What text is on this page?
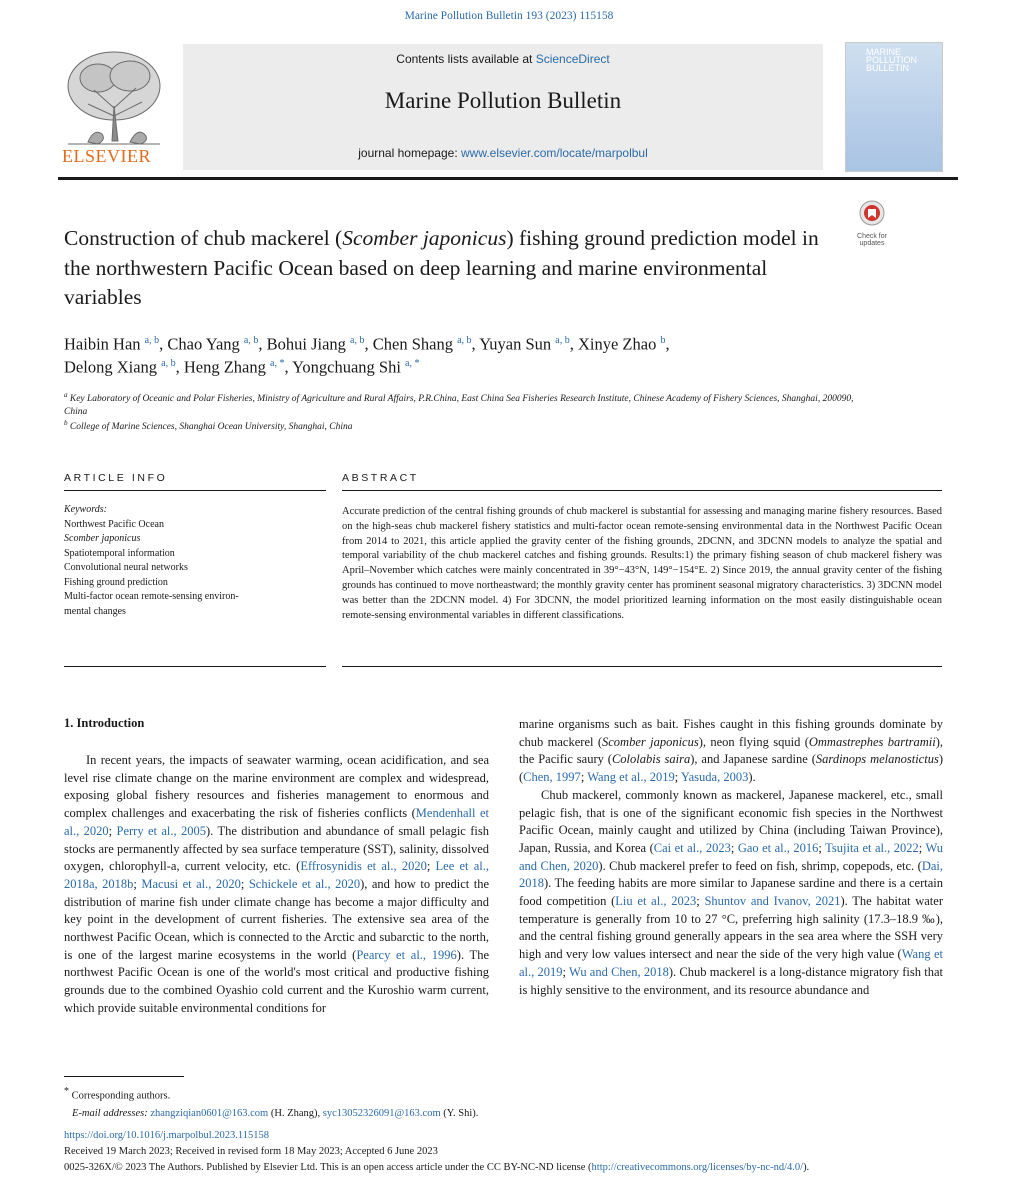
Marine Pollution Bulletin 193 (2023) 115158
Contents lists available at ScienceDirect
Marine Pollution Bulletin
journal homepage: www.elsevier.com/locate/marpolbul
ELSEVIER
MARINE POLLUTION BULLETIN
Check for updates
Construction of chub mackerel (Scomber japonicus) fishing ground prediction model in the northwestern Pacific Ocean based on deep learning and marine environmental variables
Haibin Han $^{a, b}$, Chao Yang $^{a, b}$, Bohui Jiang $^{a, b}$, Chen Shang $^{a, b}$, Yuyan Sun $^{a, b}$, Xinye Zhao $^b$,
Delong Xiang $^{a, b}$, Heng Zhang $^{a, *}$, Yongchuang Shi $^{a, *}$
$^a$ Key Laboratory of Oceanic and Polar Fisheries, Ministry of Agriculture and Rural Affairs, P.R.China, East China Sea Fisheries Research Institute, Chinese Academy of Fishery Sciences, Shanghai, 200090, China
$^b$ College of Marine Sciences, Shanghai Ocean University, Shanghai, China
ARTICLE INFO	ABSTRACT
Keywords:
Northwest Pacific Ocean
Scomber japonicus
Spatiotemporal information
Convolutional neural networks
Fishing ground prediction
Multi-factor ocean remote-sensing environ-
mental changes
Accurate prediction of the central fishing grounds of chub mackerel is substantial for assessing and managing marine fishery resources. Based on the high-seas chub mackerel fishery statistics and multi-factor ocean remote-sensing environmental data in the Northwest Pacific Ocean from 2014 to 2021, this article applied the gravity center of the fishing grounds, 2DCNN, and 3DCNN models to analyze the spatial and temporal variability of the chub mackerel catches and fishing grounds. Results:1) the primary fishing season of chub mackerel fishery was April–November which catches were mainly concentrated in 39°−43°N, 149°−154°E. 2) Since 2019, the annual gravity center of the fishing grounds has continued to move northeastward; the monthly gravity center has prominent seasonal migratory characteristics. 3) 3DCNN model was better than the 2DCNN model. 4) For 3DCNN, the model prioritized learning information on the most easily distinguishable ocean remote-sensing environmental variables in different classifications.
1. Introduction

In recent years, the impacts of seawater warming, ocean acidification, and sea level rise climate change on the marine environment are complex and widespread, exposing global fishery resources and fisheries management to enormous and complex challenges and exacerbating the risk of fisheries conflicts (Mendenhall et al., 2020; Perry et al., 2005). The distribution and abundance of small pelagic fish stocks are permanently affected by sea surface temperature (SST), salinity, dissolved oxygen, chlorophyll-a, current velocity, etc. (Effrosynidis et al., 2020; Lee et al., 2018a, 2018b; Macusi et al., 2020; Schickele et al., 2020), and how to predict the distribution of marine fish under climate change has become a major difficulty and key point in the development of current fisheries. The extensive sea area of the northwest Pacific Ocean, which is connected to the Arctic and subarctic to the north, is one of the largest marine ecosystems in the world (Pearcy et al., 1996). The northwest Pacific Ocean is one of the world's most critical and productive fishing grounds due to the combined Oyashio cold current and the Kuroshio warm current, which provide suitable environmental conditions for

marine organisms such as bait. Fishes caught in this fishing grounds dominate by chub mackerel (Scomber japonicus), neon flying squid (Ommastrephes bartramii), the Pacific saury (Cololabis saira), and Japanese sardine (Sardinops melanostictus) (Chen, 1997; Wang et al., 2019; Yasuda, 2003).

Chub mackerel, commonly known as mackerel, Japanese mackerel, etc., small pelagic fish, that is one of the significant economic fish species in the Northwest Pacific Ocean, mainly caught and utilized by China (including Taiwan Province), Japan, Russia, and Korea (Cai et al., 2023; Gao et al., 2016; Tsujita et al., 2022; Wu and Chen, 2020). Chub mackerel prefer to feed on fish, shrimp, copepods, etc. (Dai, 2018). The feeding habits are more similar to Japanese sardine and there is a certain food competition (Liu et al., 2023; Shuntov and Ivanov, 2021). The habitat water temperature is generally from 10 to 27 °C, preferring high salinity (17.3–18.9 ‰), and the central fishing ground generally appears in the sea area where the SSH very high and very low values intersect and near the side of the very high value (Wang et al., 2019; Wu and Chen, 2018). Chub mackerel is a long-distance migratory fish that is highly sensitive to the environment, and its resource abundance and

* Corresponding authors.
E-mail addresses: zhangziqian0601@163.com (H. Zhang), syc13052326091@163.com (Y. Shi).
https://doi.org/10.1016/j.marpolbul.2023.115158
Received 19 March 2023; Received in revised form 18 May 2023; Accepted 6 June 2023
0025-326X/© 2023 The Authors. Published by Elsevier Ltd. This is an open access article under the CC BY-NC-ND license (http://creativecommons.org/licenses/by-nc-nd/4.0/).
